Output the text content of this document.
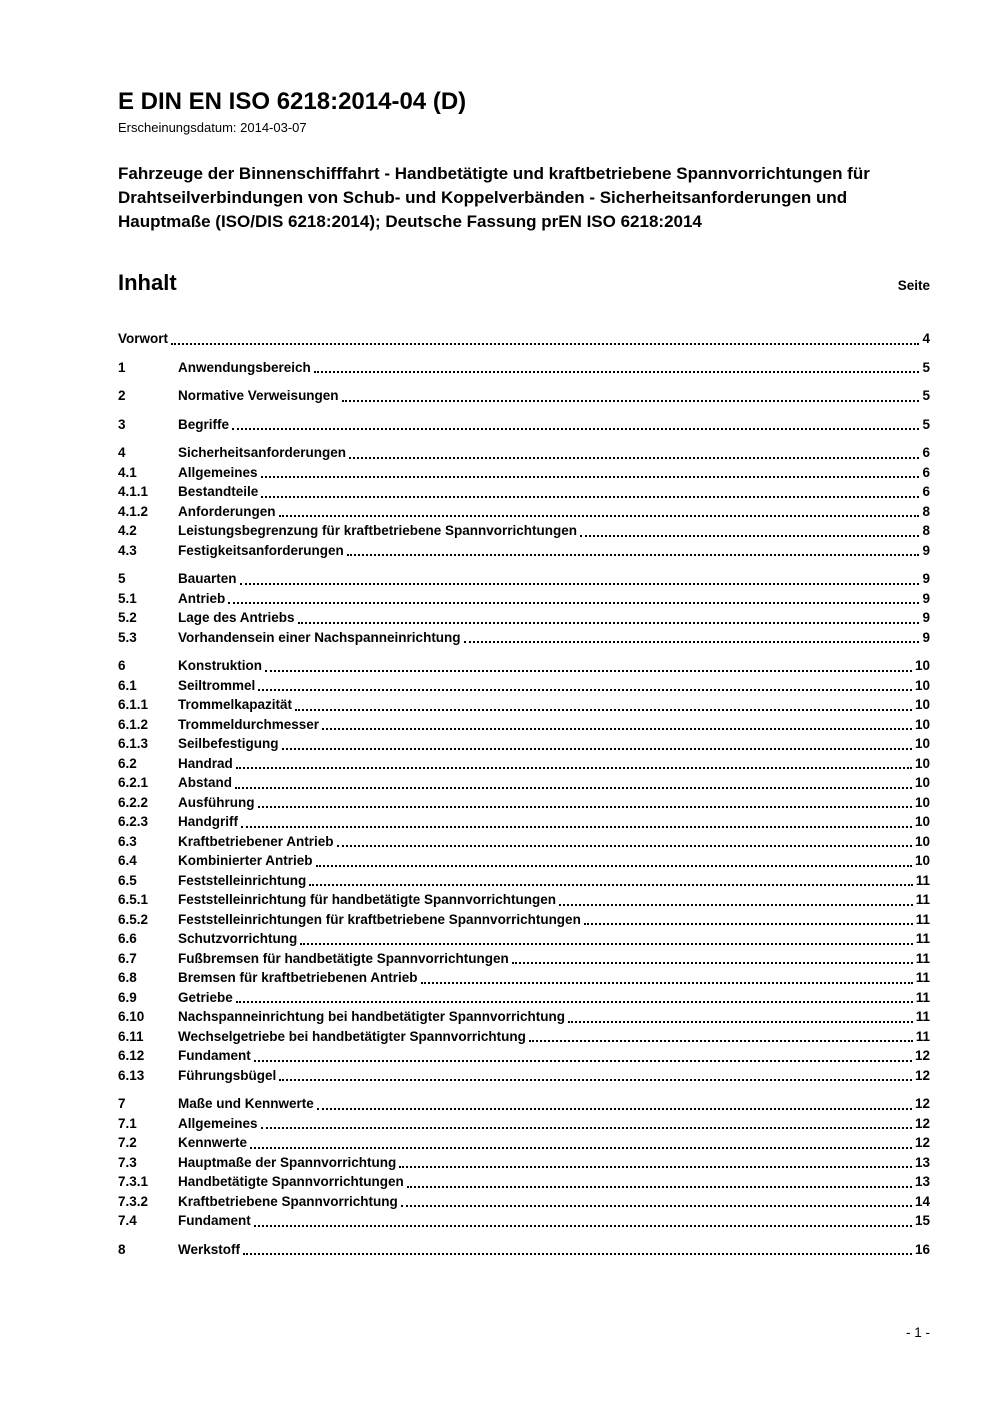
E DIN EN ISO 6218:2014-04 (D)

Erscheinungsdatum: 2014-03-07

Fahrzeuge der Binnenschifffahrt - Handbetätigte und kraftbetriebene Spannvorrichtungen für Drahtseilverbindungen von Schub- und Koppelverbänden - Sicherheitsanforderungen und Hauptmaße (ISO/DIS 6218:2014); Deutsche Fassung prEN ISO 6218:2014
Inhalt	Seite
Vorwort	4
1	Anwendungsbereich	5
2	Normative Verweisungen	5
3	Begriffe	5
4	Sicherheitsanforderungen	6
4.1	Allgemeines	6
4.1.1	Bestandteile	6
4.1.2	Anforderungen	8
4.2	Leistungsbegrenzung für kraftbetriebene Spannvorrichtungen	8
4.3	Festigkeitsanforderungen	9
5	Bauarten	9
5.1	Antrieb	9
5.2	Lage des Antriebs	9
5.3	Vorhandensein einer Nachspanneinrichtung	9
6	Konstruktion	10
6.1	Seiltrommel	10
6.1.1	Trommelkapazität	10
6.1.2	Trommeldurchmesser	10
6.1.3	Seilbefestigung	10
6.2	Handrad	10
6.2.1	Abstand	10
6.2.2	Ausführung	10
6.2.3	Handgriff	10
6.3	Kraftbetriebener Antrieb	10
6.4	Kombinierter Antrieb	10
6.5	Feststelleinrichtung	11
6.5.1	Feststelleinrichtung für handbetätigte Spannvorrichtungen	11
6.5.2	Feststelleinrichtungen für kraftbetriebene Spannvorrichtungen	11
6.6	Schutzvorrichtung	11
6.7	Fußbremsen für handbetätigte Spannvorrichtungen	11
6.8	Bremsen für kraftbetriebenen Antrieb	11
6.9	Getriebe	11
6.10	Nachspanneinrichtung bei handbetätigter Spannvorrichtung	11
6.11	Wechselgetriebe bei handbetätigter Spannvorrichtung	11
6.12	Fundament	12
6.13	Führungsbügel	12
7	Maße und Kennwerte	12
7.1	Allgemeines	12
7.2	Kennwerte	12
7.3	Hauptmaße der Spannvorrichtung	13
7.3.1	Handbetätigte Spannvorrichtungen	13
7.3.2	Kraftbetriebene Spannvorrichtung	14
7.4	Fundament	15
8	Werkstoff	16
- 1 -
